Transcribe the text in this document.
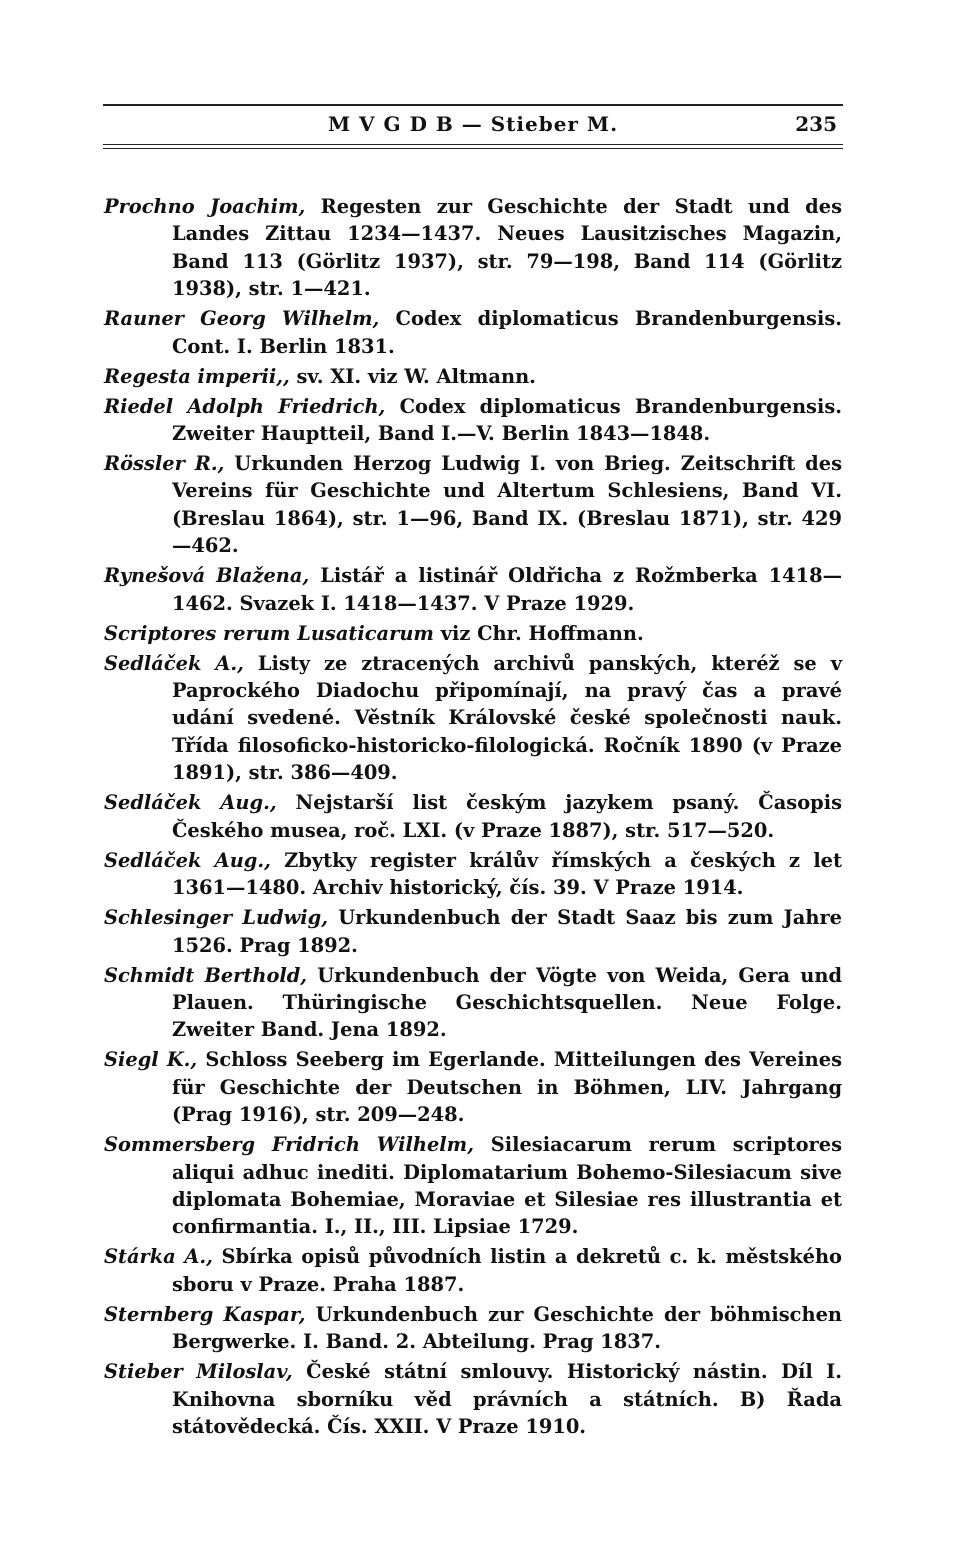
M V G D B — Stieber M.	235
Prochno Joachim, Regesten zur Geschichte der Stadt und des Landes Zittau 1234—1437. Neues Lausitzisches Magazin, Band 113 (Görlitz 1937), str. 79—198, Band 114 (Görlitz 1938), str. 1—421.
Rauner Georg Wilhelm, Codex diplomaticus Brandenburgensis. Cont. I. Berlin 1831.
Regesta imperii,, sv. XI. viz W. Altmann.
Riedel Adolph Friedrich, Codex diplomaticus Brandenburgensis. Zweiter Hauptteil, Band I.—V. Berlin 1843—1848.
Rössler R., Urkunden Herzog Ludwig I. von Brieg. Zeitschrift des Vereins für Geschichte und Altertum Schlesiens, Band VI. (Breslau 1864), str. 1—96, Band IX. (Breslau 1871), str. 429—462.
Rynešová Blažena, Listář a listinář Oldřicha z Rožmberka 1418—1462. Svazek I. 1418—1437. V Praze 1929.
Scriptores rerum Lusaticarum viz Chr. Hoffmann.
Sedláček A., Listy ze ztracených archivů panských, kteréž se v Paprockého Diadochu připomínají, na pravý čas a pravé udání svedené. Věstník Královské české společnosti nauk. Třída filosoficko-historicko-filologická. Ročník 1890 (v Praze 1891), str. 386—409.
Sedláček Aug., Nejstarší list českým jazykem psaný. Časopis Českého musea, roč. LXI. (v Praze 1887), str. 517—520.
Sedláček Aug., Zbytky register králův římských a českých z let 1361—1480. Archiv historický, čís. 39. V Praze 1914.
Schlesinger Ludwig, Urkundenbuch der Stadt Saaz bis zum Jahre 1526. Prag 1892.
Schmidt Berthold, Urkundenbuch der Vögte von Weida, Gera und Plauen. Thüringische Geschichtsquellen. Neue Folge. Zweiter Band. Jena 1892.
Siegl K., Schloss Seeberg im Egerlande. Mitteilungen des Vereines für Geschichte der Deutschen in Böhmen, LIV. Jahrgang (Prag 1916), str. 209—248.
Sommersberg Fridrich Wilhelm, Silesiacarum rerum scriptores aliqui adhuc inediti. Diplomatarium Bohemo-Silesiacum sive diplomata Bohemiae, Moraviae et Silesiae res illustrantia et confirmantia. I., II., III. Lipsiae 1729.
Stárka A., Sbírka opisů původních listin a dekretů c. k. městského sboru v Praze. Praha 1887.
Sternberg Kaspar, Urkundenbuch zur Geschichte der böhmischen Bergwerke. I. Band. 2. Abteilung. Prag 1837.
Stieber Miloslav, České státní smlouvy. Historický nástin. Díl I. Knihovna sborníku věd právních a státních. B) Řada státovědecká. Čís. XXII. V Praze 1910.
